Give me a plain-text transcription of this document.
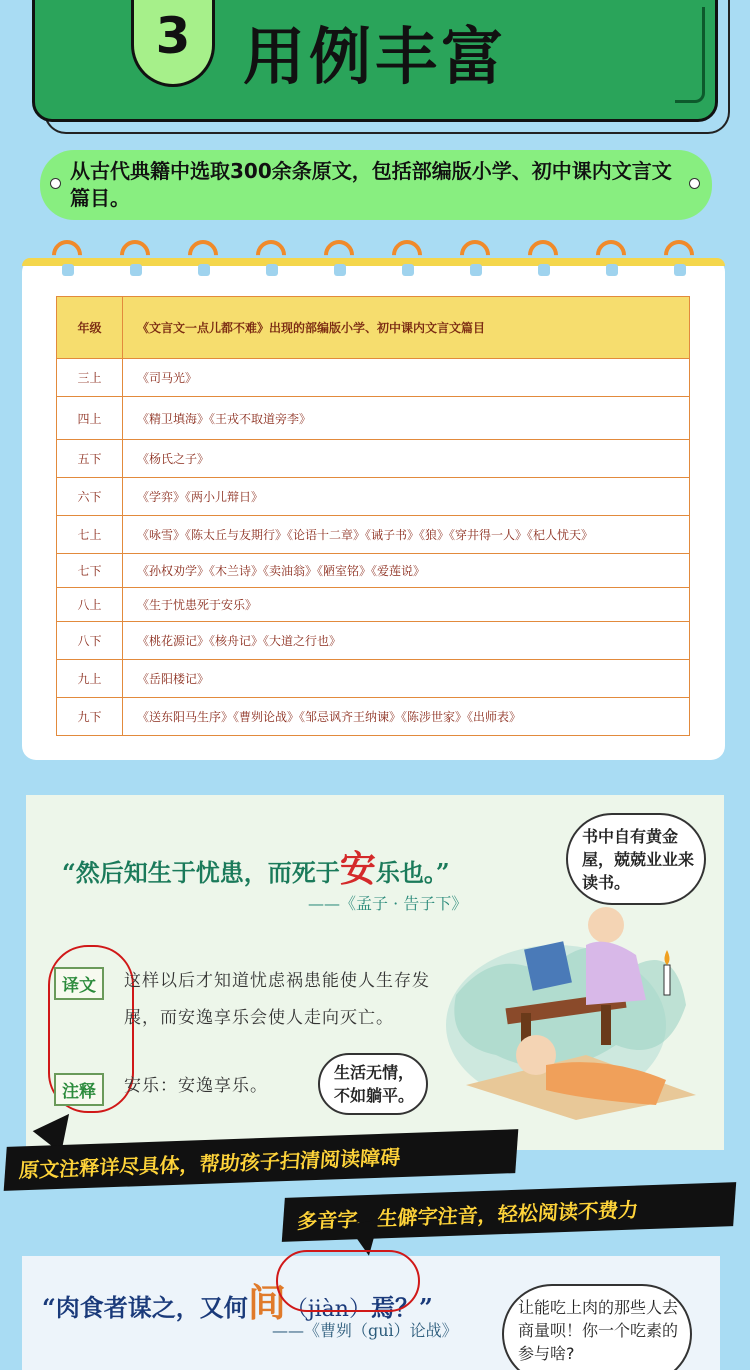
3 用例丰富

从古代典籍中选取300余条原文，包括部编版小学、初中课内文言文篇目。

年级	《文言文一点儿都不难》出现的部编版小学、初中课内文言文篇目
三上	《司马光》
四上	《精卫填海》《王戎不取道旁李》
五下	《杨氏之子》
六下	《学弈》《两小儿辩日》
七上	《咏雪》《陈太丘与友期行》《论语十二章》《诫子书》《狼》《穿井得一人》《杞人忧天》
七下	《孙权劝学》《木兰诗》《卖油翁》《陋室铭》《爱莲说》
八上	《生于忧患死于安乐》
八下	《桃花源记》《核舟记》《大道之行也》
九上	《岳阳楼记》
九下	《送东阳马生序》《曹刿论战》《邹忌讽齐王纳谏》《陈涉世家》《出师表》
“然后知生于忧患，而死于安乐也。”
——《孟子 · 告子下》
译文	这样以后才知道忧虑祸患能使人生存发展，而安逸享乐会使人走向灭亡。
注释	安乐：安逸享乐。
书中自有黄金屋，兢兢业业来读书。
生活无情，不如躺平。
原文注释详尽具体，帮助孩子扫清阅读障碍
多音字、生僻字注音，轻松阅读不费力
“肉食者谋之，又何间（jiàn）焉？”
——《曹刿（guì）论战》
让能吃上肉的那些人去商量呗！你一个吃素的参与啥?
